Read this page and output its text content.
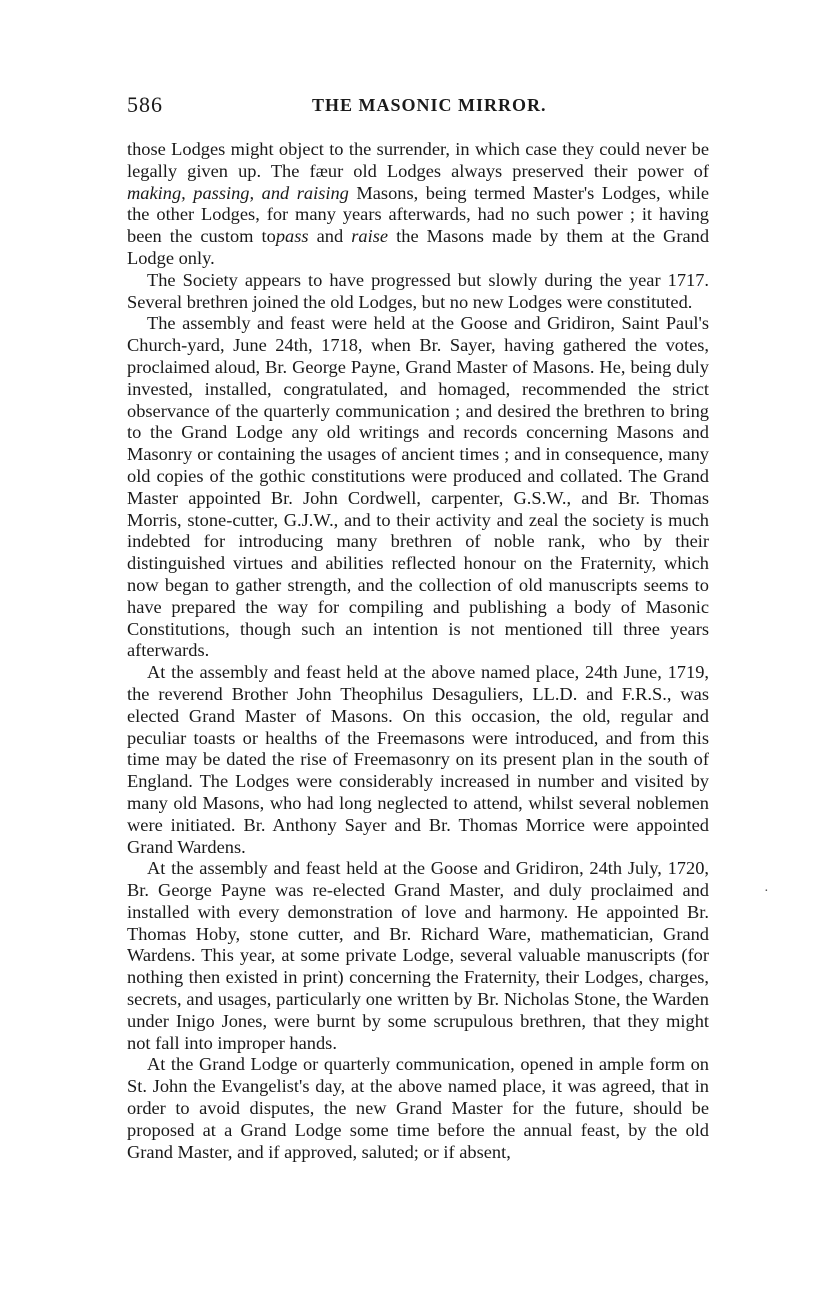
586	THE MASONIC MIRROR.

those Lodges might object to the surrender, in which case they could never be legally given up. The fæur old Lodges always preserved their power of making, passing, and raising Masons, being termed Master's Lodges, while the other Lodges, for many years afterwards, had no such power ; it having been the custom topass and raise the Masons made by them at the Grand Lodge only.

The Society appears to have progressed but slowly during the year 1717. Several brethren joined the old Lodges, but no new Lodges were constituted.

The assembly and feast were held at the Goose and Gridiron, Saint Paul's Church-yard, June 24th, 1718, when Br. Sayer, having gathered the votes, proclaimed aloud, Br. George Payne, Grand Master of Masons. He, being duly invested, installed, congratulated, and homaged, recommended the strict observance of the quarterly communication ; and desired the brethren to bring to the Grand Lodge any old writings and records concerning Masons and Masonry or containing the usages of ancient times ; and in consequence, many old copies of the gothic constitutions were produced and collated. The Grand Master appointed Br. John Cordwell, carpenter, G.S.W., and Br. Thomas Morris, stone-cutter, G.J.W., and to their activity and zeal the society is much indebted for introducing many brethren of noble rank, who by their distinguished virtues and abilities reflected honour on the Fraternity, which now began to gather strength, and the collection of old manuscripts seems to have prepared the way for compiling and publishing a body of Masonic Constitutions, though such an intention is not mentioned till three years afterwards.

At the assembly and feast held at the above named place, 24th June, 1719, the reverend Brother John Theophilus Desaguliers, LL.D. and F.R.S., was elected Grand Master of Masons. On this occasion, the old, regular and peculiar toasts or healths of the Freemasons were introduced, and from this time may be dated the rise of Freemasonry on its present plan in the south of England. The Lodges were considerably increased in number and visited by many old Masons, who had long neglected to attend, whilst several noblemen were initiated. Br. Anthony Sayer and Br. Thomas Morrice were appointed Grand Wardens.

At the assembly and feast held at the Goose and Gridiron, 24th July, 1720, Br. George Payne was re-elected Grand Master, and duly proclaimed and installed with every demonstration of love and harmony. He appointed Br. Thomas Hoby, stone cutter, and Br. Richard Ware, mathematician, Grand Wardens. This year, at some private Lodge, several valuable manuscripts (for nothing then existed in print) concerning the Fraternity, their Lodges, charges, secrets, and usages, particularly one written by Br. Nicholas Stone, the Warden under Inigo Jones, were burnt by some scrupulous brethren, that they might not fall into improper hands.

At the Grand Lodge or quarterly communication, opened in ample form on St. John the Evangelist's day, at the above named place, it was agreed, that in order to avoid disputes, the new Grand Master for the future, should be proposed at a Grand Lodge some time before the annual feast, by the old Grand Master, and if approved, saluted; or if absent,

·
